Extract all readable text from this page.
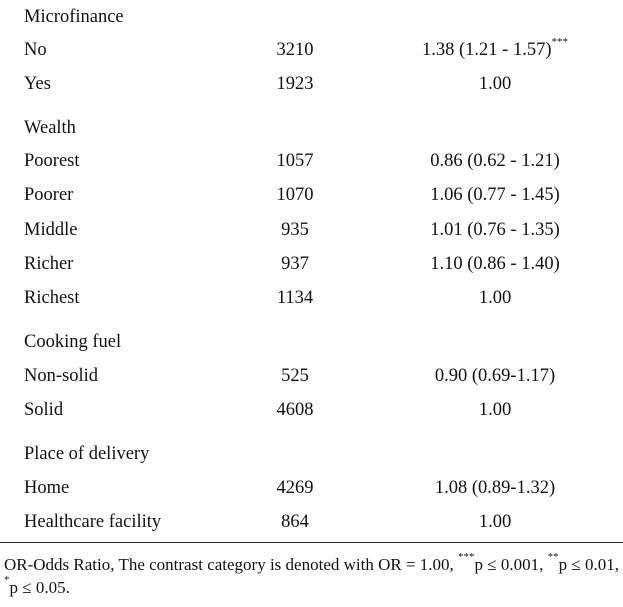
Microfinance
No	3210	1.38 (1.21 - 1.57)***
Yes	1923	1.00
Wealth
Poorest	1057	0.86 (0.62 - 1.21)
Poorer	1070	1.06 (0.77 - 1.45)
Middle	935	1.01 (0.76 - 1.35)
Richer	937	1.10 (0.86 - 1.40)
Richest	1134	1.00
Cooking fuel
Non-solid	525	0.90 (0.69-1.17)
Solid	4608	1.00
Place of delivery
Home	4269	1.08 (0.89-1.32)
Healthcare facility	864	1.00
OR-Odds Ratio, The contrast category is denoted with OR = 1.00, ***p ≤ 0.001, **p ≤ 0.01, *p ≤ 0.05.
